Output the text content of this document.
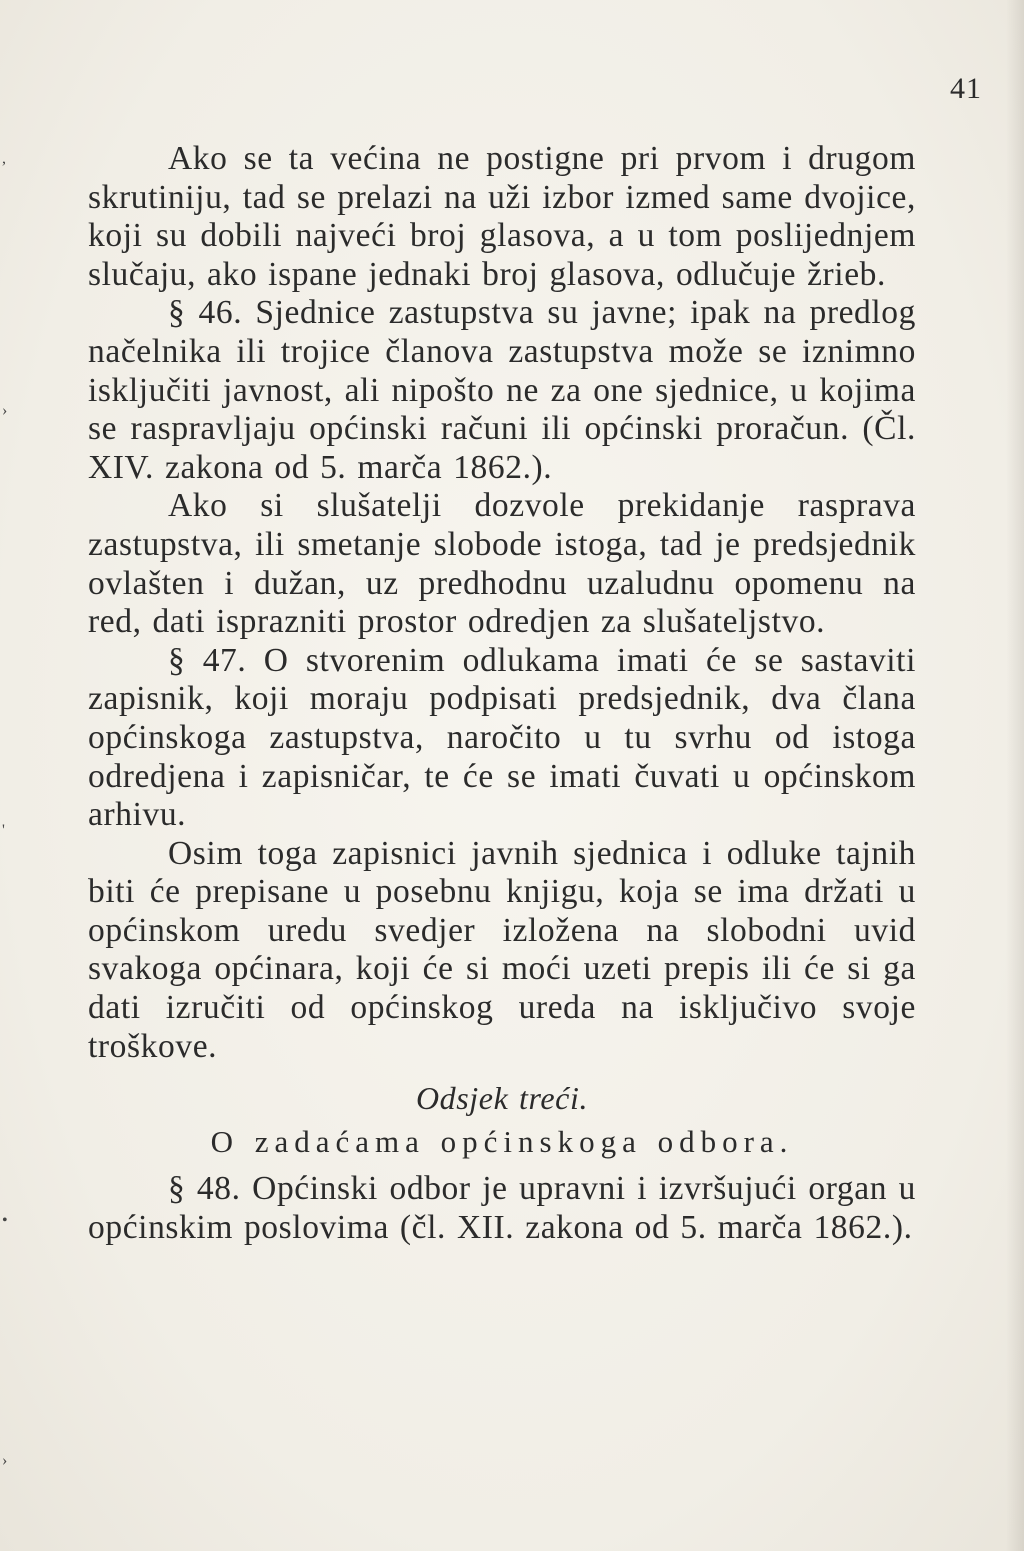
41
,
›
'
•
›

Ako se ta većina ne postigne pri prvom i drugom skrutiniju, tad se prelazi na uži izbor izmed same dvojice, koji su dobili najveći broj glasova, a u tom poslijednjem slučaju, ako ispane jednaki broj glasova, odlučuje žrieb.

§ 46. Sjednice zastupstva su javne; ipak na predlog načelnika ili trojice članova zastupstva može se iznimno isključiti javnost, ali nipošto ne za one sjednice, u kojima se raspravljaju općinski računi ili općinski proračun. (Čl. XIV. zakona od 5. marča 1862.).

Ako si slušatelji dozvole prekidanje rasprava zastupstva, ili smetanje slobode istoga, tad je predsjednik ovlašten i dužan, uz predhodnu uzaludnu opomenu na red, dati isprazniti prostor odredjen za slušateljstvo.

§ 47. O stvorenim odlukama imati će se sastaviti zapisnik, koji moraju podpisati predsjednik, dva člana općinskoga zastupstva, naročito u tu svrhu od istoga odredjena i zapisničar, te će se imati čuvati u općinskom arhivu.

Osim toga zapisnici javnih sjednica i odluke tajnih biti će prepisane u posebnu knjigu, koja se ima držati u općinskom uredu svedjer izložena na slobodni uvid svakoga općinara, koji će si moći uzeti prepis ili će si ga dati izručiti od općinskog ureda na isključivo svoje troškove.

Odsjek treći.

O zadaćama općinskoga odbora.

§ 48. Općinski odbor je upravni i izvršujući organ u općinskim poslovima (čl. XII. zakona od 5. marča 1862.).
